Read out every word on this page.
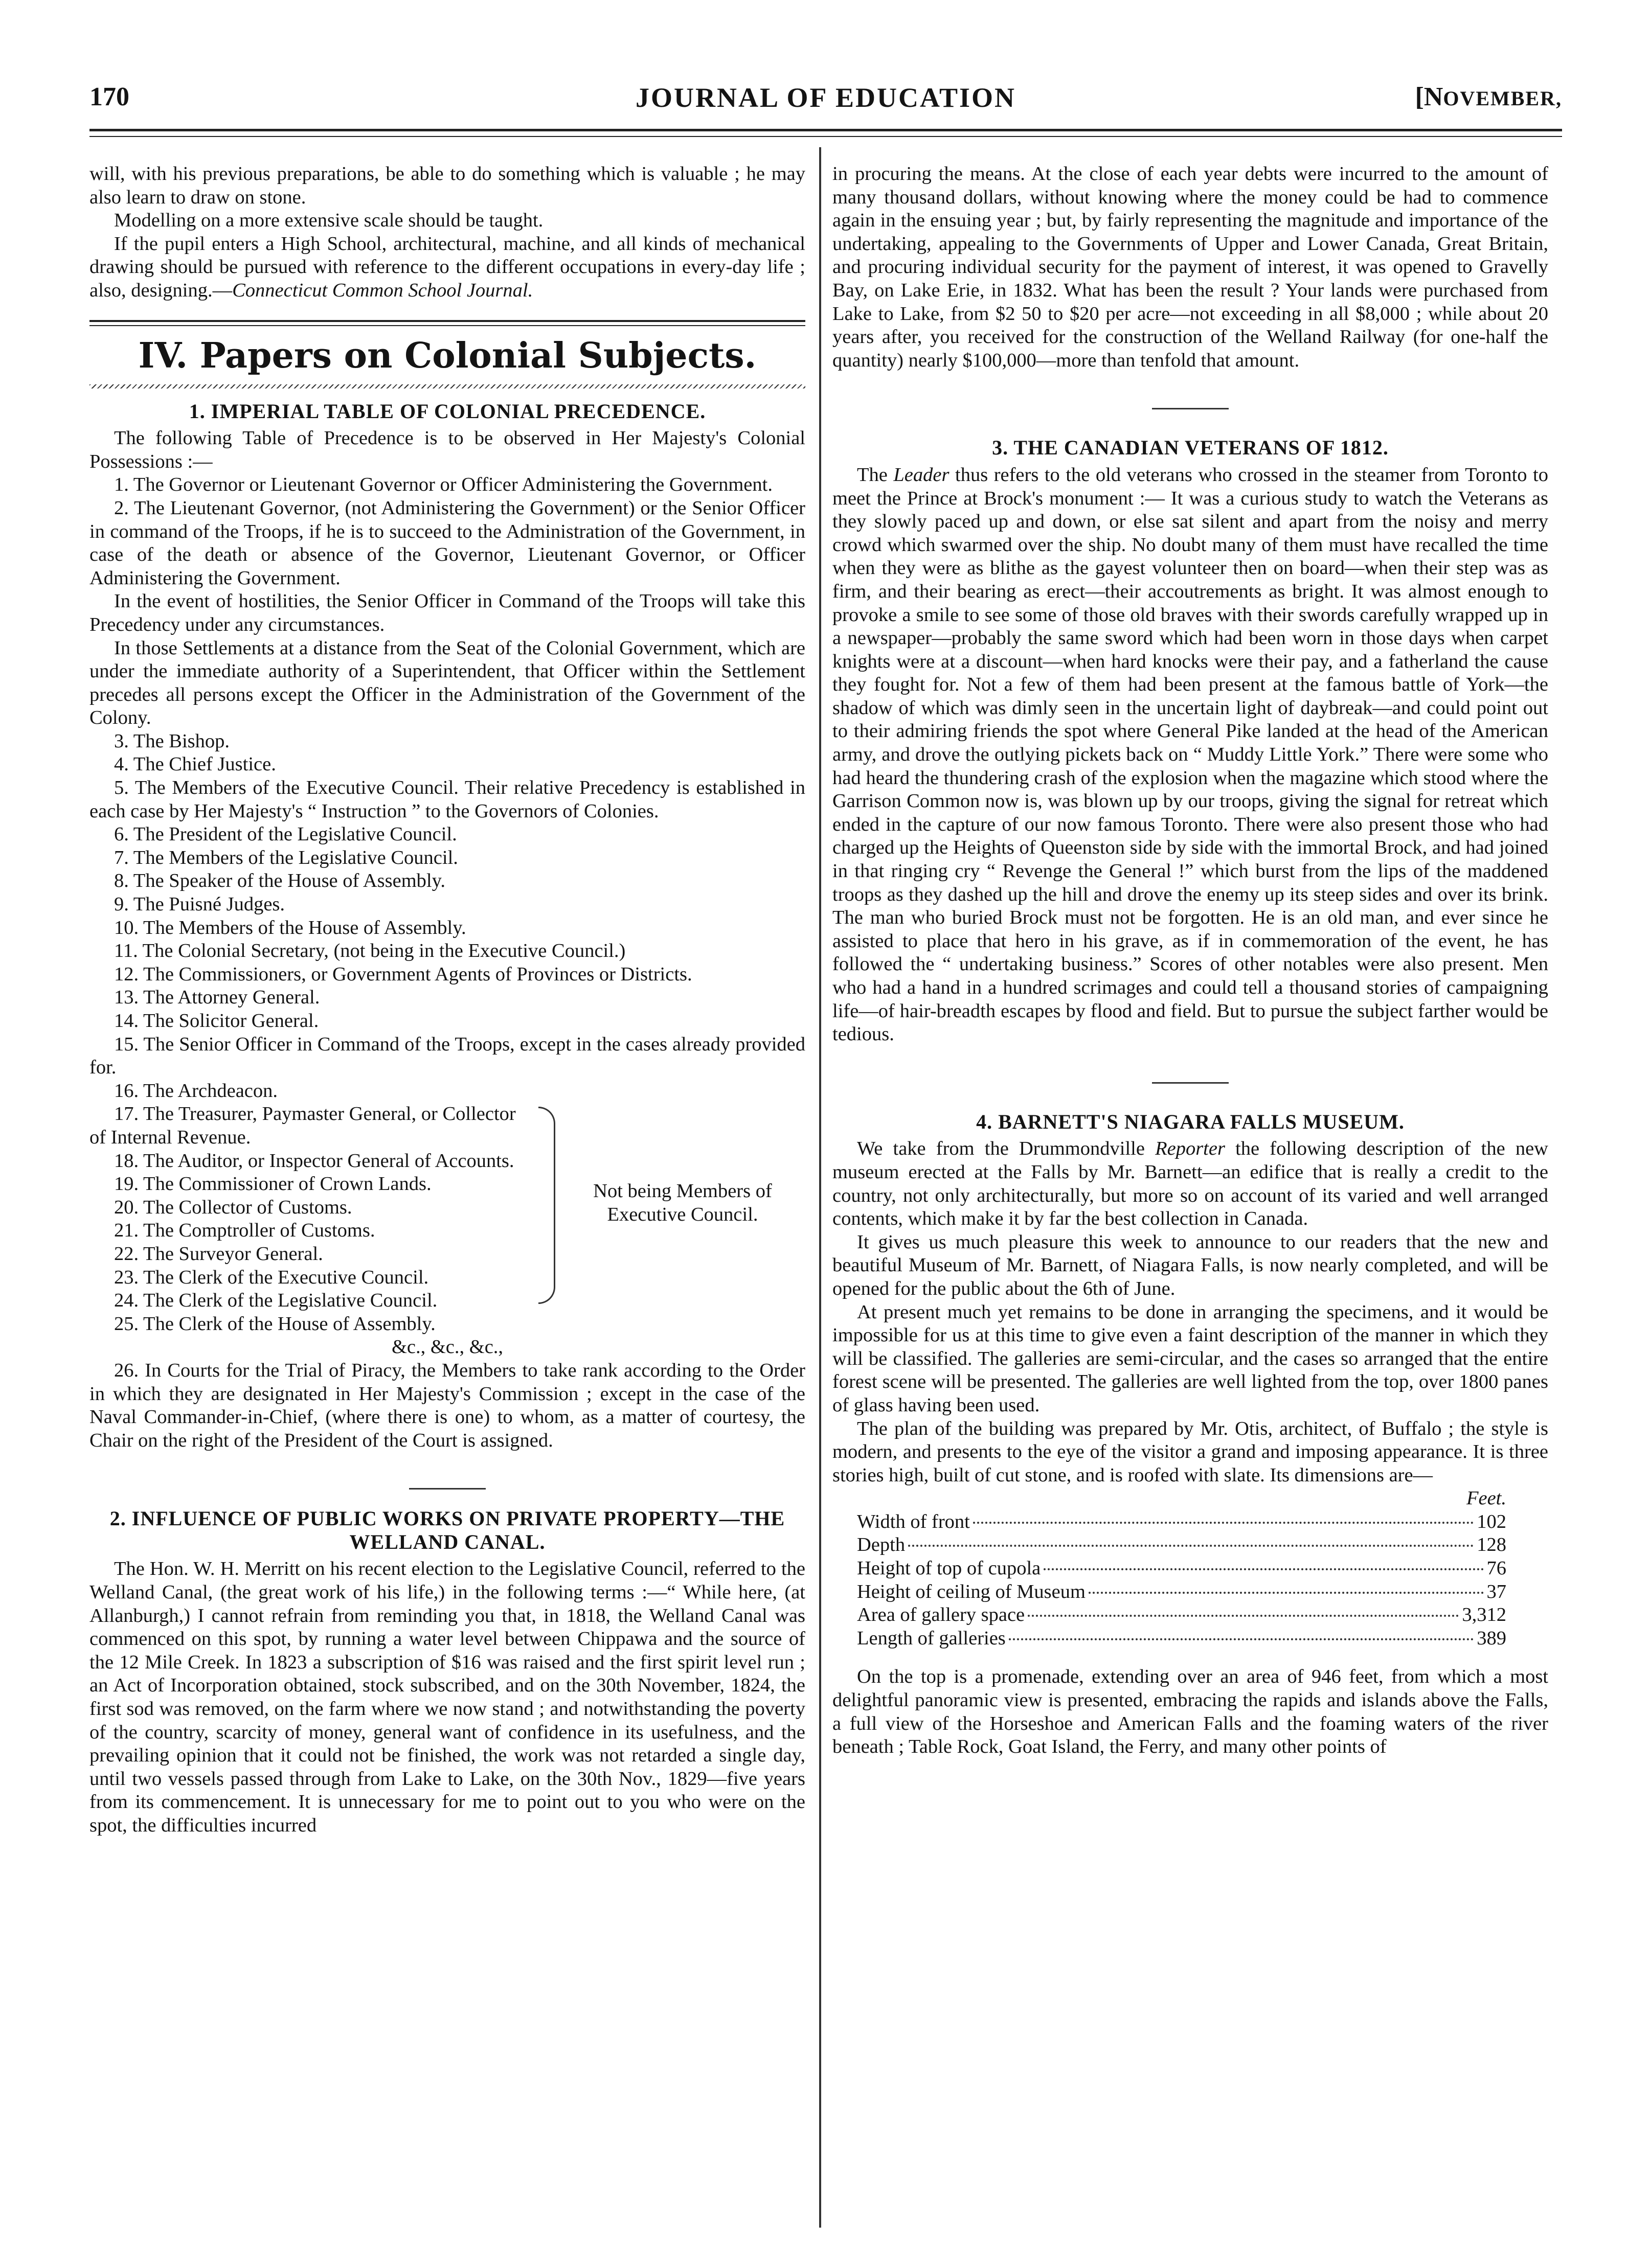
170	JOURNAL OF EDUCATION	[NOVEMBER,

will, with his previous preparations, be able to do something which is valuable ; he may also learn to draw on stone.

Modelling on a more extensive scale should be taught.

If the pupil enters a High School, architectural, machine, and all kinds of mechanical drawing should be pursued with reference to the different occupations in every-day life ; also, designing.—Connecticut Common School Journal.

IV. Papers on Colonial Subjects.
1. IMPERIAL TABLE OF COLONIAL PRECEDENCE.

The following Table of Precedence is to be observed in Her Majesty's Colonial Possessions :—

1. The Governor or Lieutenant Governor or Officer Administering the Government.

2. The Lieutenant Governor, (not Administering the Government) or the Senior Officer in command of the Troops, if he is to succeed to the Administration of the Government, in case of the death or absence of the Governor, Lieutenant Governor, or Officer Administering the Government.

In the event of hostilities, the Senior Officer in Command of the Troops will take this Precedency under any circumstances.

In those Settlements at a distance from the Seat of the Colonial Government, which are under the immediate authority of a Superintendent, that Officer within the Settlement precedes all persons except the Officer in the Administration of the Government of the Colony.

3. The Bishop.

4. The Chief Justice.

5. The Members of the Executive Council. Their relative Precedency is established in each case by Her Majesty's “ Instruction ” to the Governors of Colonies.

6. The President of the Legislative Council.

7. The Members of the Legislative Council.

8. The Speaker of the House of Assembly.

9. The Puisné Judges.

10. The Members of the House of Assembly.

11. The Colonial Secretary, (not being in the Executive Council.)

12. The Commissioners, or Government Agents of Provinces or Districts.

13. The Attorney General.

14. The Solicitor General.

15. The Senior Officer in Command of the Troops, except in the cases already provided for.

16. The Archdeacon.

17. The Treasurer, Paymaster General, or Collector of Internal Revenue.

18. The Auditor, or Inspector General of Accounts.

19. The Commissioner of Crown Lands.

20. The Collector of Customs.

21. The Comptroller of Customs.

22. The Surveyor General.

Not being Members of Executive Council.

23. The Clerk of the Executive Council.

24. The Clerk of the Legislative Council.

25. The Clerk of the House of Assembly.

&c., &c., &c.,

26. In Courts for the Trial of Piracy, the Members to take rank according to the Order in which they are designated in Her Majesty's Commission ; except in the case of the Naval Commander-in-Chief, (where there is one) to whom, as a matter of courtesy, the Chair on the right of the President of the Court is assigned.

2. INFLUENCE OF PUBLIC WORKS ON PRIVATE PROPERTY—THE WELLAND CANAL.

The Hon. W. H. Merritt on his recent election to the Legislative Council, referred to the Welland Canal, (the great work of his life,) in the following terms :—“ While here, (at Allanburgh,) I cannot refrain from reminding you that, in 1818, the Welland Canal was commenced on this spot, by running a water level between Chippawa and the source of the 12 Mile Creek. In 1823 a subscription of $16 was raised and the first spirit level run ; an Act of Incorporation obtained, stock subscribed, and on the 30th November, 1824, the first sod was removed, on the farm where we now stand ; and notwithstanding the poverty of the country, scarcity of money, general want of confidence in its usefulness, and the prevailing opinion that it could not be finished, the work was not retarded a single day, until two vessels passed through from Lake to Lake, on the 30th Nov., 1829—five years from its commencement. It is unnecessary for me to point out to you who were on the spot, the difficulties incurred

in procuring the means. At the close of each year debts were incurred to the amount of many thousand dollars, without knowing where the money could be had to commence again in the ensuing year ; but, by fairly representing the magnitude and importance of the undertaking, appealing to the Governments of Upper and Lower Canada, Great Britain, and procuring individual security for the payment of interest, it was opened to Gravelly Bay, on Lake Erie, in 1832. What has been the result ? Your lands were purchased from Lake to Lake, from $2 50 to $20 per acre—not exceeding in all $8,000 ; while about 20 years after, you received for the construction of the Welland Railway (for one-half the quantity) nearly $100,000—more than tenfold that amount.

3. THE CANADIAN VETERANS OF 1812.

The Leader thus refers to the old veterans who crossed in the steamer from Toronto to meet the Prince at Brock's monument :— It was a curious study to watch the Veterans as they slowly paced up and down, or else sat silent and apart from the noisy and merry crowd which swarmed over the ship. No doubt many of them must have recalled the time when they were as blithe as the gayest volunteer then on board—when their step was as firm, and their bearing as erect—their accoutrements as bright. It was almost enough to provoke a smile to see some of those old braves with their swords carefully wrapped up in a newspaper—probably the same sword which had been worn in those days when carpet knights were at a discount—when hard knocks were their pay, and a fatherland the cause they fought for. Not a few of them had been present at the famous battle of York—the shadow of which was dimly seen in the uncertain light of daybreak—and could point out to their admiring friends the spot where General Pike landed at the head of the American army, and drove the outlying pickets back on “ Muddy Little York.” There were some who had heard the thundering crash of the explosion when the magazine which stood where the Garrison Common now is, was blown up by our troops, giving the signal for retreat which ended in the capture of our now famous Toronto. There were also present those who had charged up the Heights of Queenston side by side with the immortal Brock, and had joined in that ringing cry “ Revenge the General !” which burst from the lips of the maddened troops as they dashed up the hill and drove the enemy up its steep sides and over its brink. The man who buried Brock must not be forgotten. He is an old man, and ever since he assisted to place that hero in his grave, as if in commemoration of the event, he has followed the “ undertaking business.” Scores of other notables were also present. Men who had a hand in a hundred scrimages and could tell a thousand stories of campaigning life—of hair-breadth escapes by flood and field. But to pursue the subject farther would be tedious.

4. BARNETT'S NIAGARA FALLS MUSEUM.

We take from the Drummondville Reporter the following description of the new museum erected at the Falls by Mr. Barnett—an edifice that is really a credit to the country, not only architecturally, but more so on account of its varied and well arranged contents, which make it by far the best collection in Canada.

It gives us much pleasure this week to announce to our readers that the new and beautiful Museum of Mr. Barnett, of Niagara Falls, is now nearly completed, and will be opened for the public about the 6th of June.

At present much yet remains to be done in arranging the specimens, and it would be impossible for us at this time to give even a faint description of the manner in which they will be classified. The galleries are semi-circular, and the cases so arranged that the entire forest scene will be presented. The galleries are well lighted from the top, over 1800 panes of glass having been used.

The plan of the building was prepared by Mr. Otis, architect, of Buffalo ; the style is modern, and presents to the eye of the visitor a grand and imposing appearance. It is three stories high, built of cut stone, and is roofed with slate. Its dimensions are—

Feet.
Width of front	102
Depth	128
Height of top of cupola	76
Height of ceiling of Museum	37
Area of gallery space	3,312
Length of galleries	389

On the top is a promenade, extending over an area of 946 feet, from which a most delightful panoramic view is presented, embracing the rapids and islands above the Falls, a full view of the Horseshoe and American Falls and the foaming waters of the river beneath ; Table Rock, Goat Island, the Ferry, and many other points of
